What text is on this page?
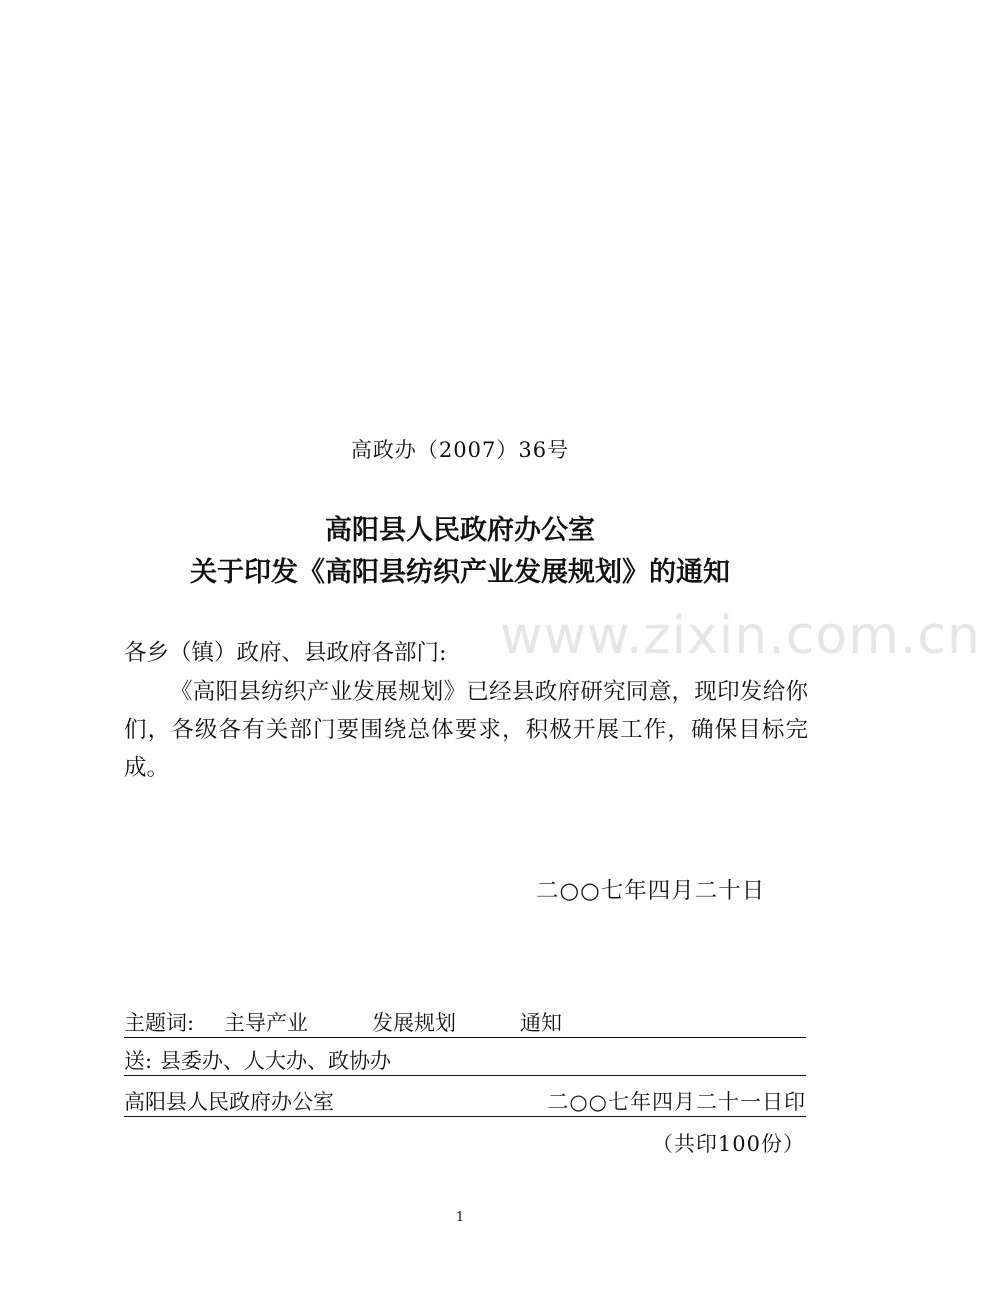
www.zixin.com.cn
高政办（2007）36号
高阳县人民政府办公室
关于印发《高阳县纺织产业发展规划》的通知
各乡（镇）政府、县政府各部门:
《高阳县纺织产业发展规划》已经县政府研究同意，现印发给你们，各级各有关部门要围绕总体要求，积极开展工作，确保目标完成。
二○○七年四月二十日
主题词: 主导产业	发展规划	通知
送: 县委办、人大办、政协办
高阳县人民政府办公室	二○○七年四月二十一日印
（共印100份）
1
